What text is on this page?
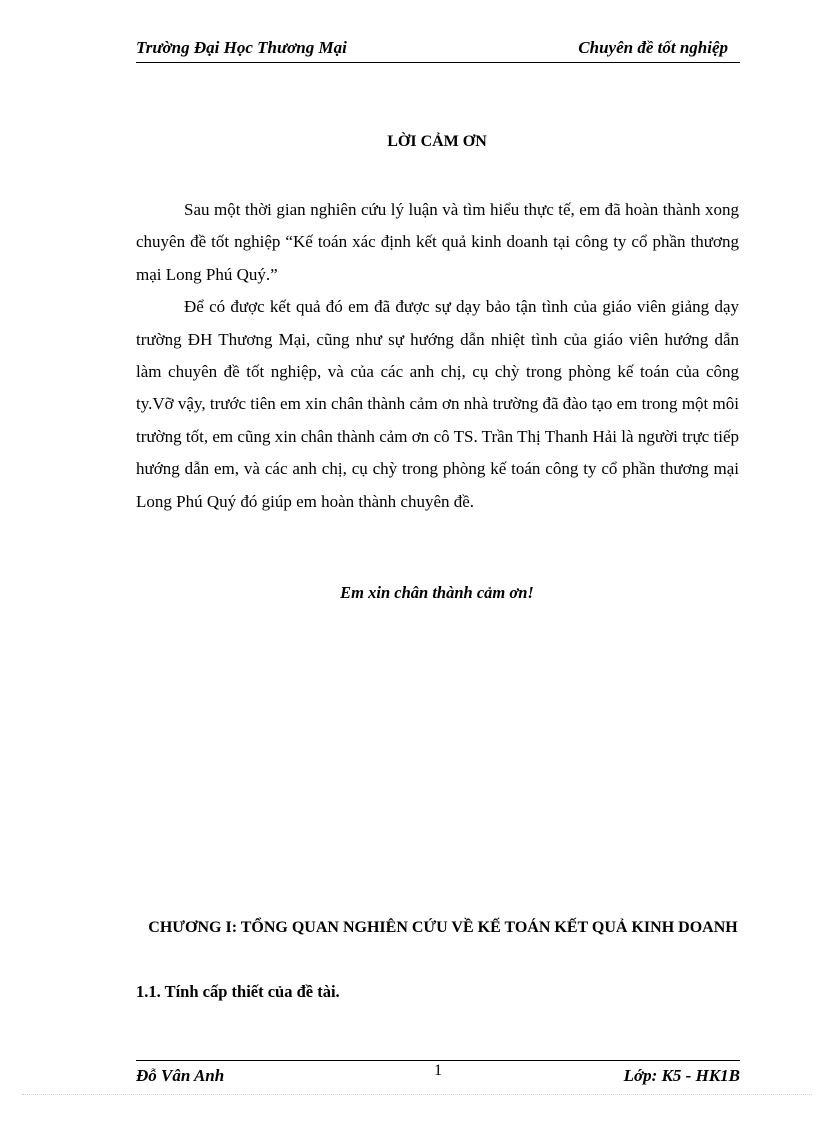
Trường Đại Học Thương Mại	Chuyên đề tốt nghiệp
LỜI CẢM ƠN

Sau một thời gian nghiên cứu lý luận và tìm hiểu thực tế, em đã hoàn thành xong chuyên đề tốt nghiệp “Kế toán xác định kết quả kinh doanh tại công ty cổ phần thương mại Long Phú Quý.”

Để có được kết quả đó em đã được sự dạy bảo tận tình của giáo viên giảng dạy trường ĐH Thương Mại, cũng như sự hướng dẫn nhiệt tình của giáo viên hướng dẫn làm chuyên đề tốt nghiệp, và của các anh chị, cụ chỳ trong phòng kế toán của công ty.Vỡ vậy, trước tiên em xin chân thành cảm ơn nhà trường đã đào tạo em trong một môi trường tốt, em cũng xin chân thành cảm ơn cô TS. Trần Thị Thanh Hải là người trực tiếp hướng dẫn em, và các anh chị, cụ chỳ trong phòng kế toán công ty cổ phần thương mại Long Phú Quý đó giúp em hoàn thành chuyên đề.

Em xin chân thành cảm ơn!
CHƯƠNG I: TỔNG QUAN NGHIÊN CỨU VỀ KẾ TOÁN KẾT QUẢ KINH DOANH
1.1. Tính cấp thiết của đề tài.
Đỗ Vân Anh	1	Lớp: K5 - HK1B
